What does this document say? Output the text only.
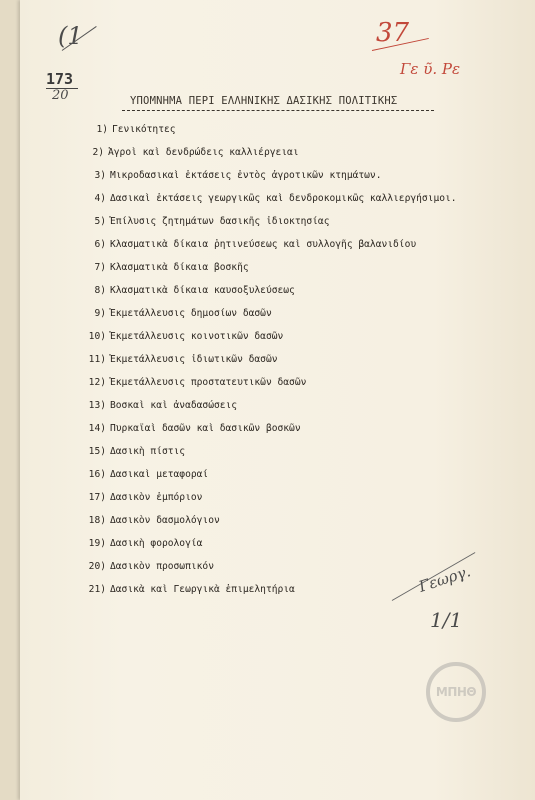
(1
173
20
37
Γε ῦ. Ρε
ΥΠΟΜΝΗΜΑ ΠΕΡΙ ΕΛΛΗΝΙΚΗΣ ΔΑΣΙΚΗΣ ΠΟΛΙΤΙΚΗΣ
1) Γενικότητες
2) Ἀγροὶ καὶ δενδρώδεις καλλιέργειαι
3) Μικροδασικαὶ ἐκτάσεις ἐντὸς ἀγροτικῶν κτημάτων.
4) Δασικαὶ ἐκτάσεις γεωργικῶς καὶ δενδροκομικῶς καλλιεργήσιμοι.
5) Ἐπίλυσις ζητημάτων δασικῆς ἰδιοκτησίας
6) Κλασματικὰ δίκαια ῥητινεύσεως καὶ συλλογῆς βαλανιδίου
7) Κλασματικὰ δίκαια βοσκῆς
8) Κλασματικὰ δίκαια καυσοξυλεύσεως
9) Ἐκμετάλλευσις δημοσίων δασῶν
10) Ἐκμετάλλευσις κοινοτικῶν δασῶν
11) Ἐκμετάλλευσις ἰδιωτικῶν δασῶν
12) Ἐκμετάλλευσις προστατευτικῶν δασῶν
13) Βοσκαὶ καὶ ἀναδασώσεις
14) Πυρκαϊαὶ δασῶν καὶ δασικῶν βοσκῶν
15) Δασικὴ πίστις
16) Δασικαὶ μεταφοραί
17) Δασικὸν ἐμπόριον
18) Δασικὸν δασμολόγιον
19) Δασικὴ φορολογία
20) Δασικὸν προσωπικόν
21) Δασικὰ καὶ Γεωργικὰ ἐπιμελητήρια	Γεωργ.
1/1
ΜΠΗΘ
